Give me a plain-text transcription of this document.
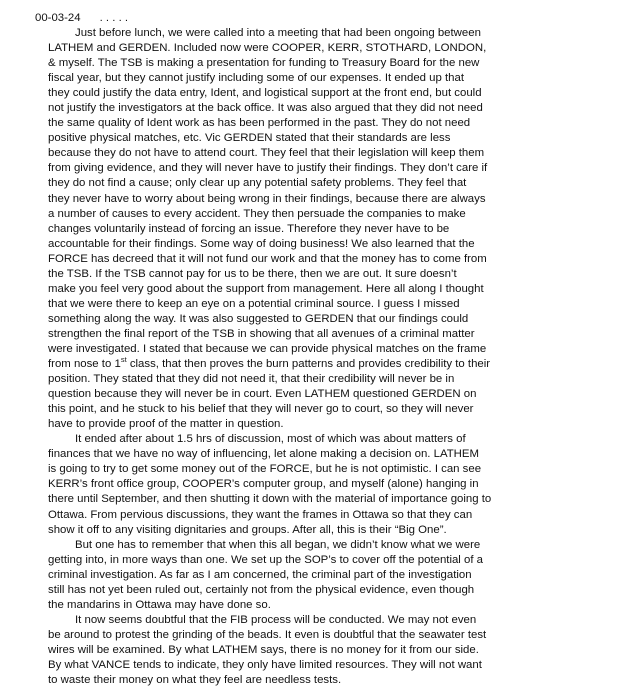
00-03-24      . . . . .
Just before lunch, we were called into a meeting that had been ongoing between
LATHEM and GERDEN. Included now were COOPER, KERR, STOTHARD, LONDON,
& myself. The TSB is making a presentation for funding to Treasury Board for the new
fiscal year, but they cannot justify including some of our expenses. It ended up that
they could justify the data entry, Ident, and logistical support at the front end, but could
not justify the investigators at the back office. It was also argued that they did not need
the same quality of Ident work as has been performed in the past. They do not need
positive physical matches, etc. Vic GERDEN stated that their standards are less
because they do not have to attend court. They feel that their legislation will keep them
from giving evidence, and they will never have to justify their findings. They don’t care if
they do not find a cause; only clear up any potential safety problems. They feel that
they never have to worry about being wrong in their findings, because there are always
a number of causes to every accident. They then persuade the companies to make
changes voluntarily instead of forcing an issue. Therefore they never have to be
accountable for their findings. Some way of doing business! We also learned that the
FORCE has decreed that it will not fund our work and that the money has to come from
the TSB. If the TSB cannot pay for us to be there, then we are out. It sure doesn’t
make you feel very good about the support from management. Here all along I thought
that we were there to keep an eye on a potential criminal source. I guess I missed
something along the way. It was also suggested to GERDEN that our findings could
strengthen the final report of the TSB in showing that all avenues of a criminal matter
were investigated. I stated that because we can provide physical matches on the frame
from nose to 1st class, that then proves the burn patterns and provides credibility to their
position. They stated that they did not need it, that their credibility will never be in
question because they will never be in court. Even LATHEM questioned GERDEN on
this point, and he stuck to his belief that they will never go to court, so they will never
have to provide proof of the matter in question.
It ended after about 1.5 hrs of discussion, most of which was about matters of
finances that we have no way of influencing, let alone making a decision on. LATHEM
is going to try to get some money out of the FORCE, but he is not optimistic. I can see
KERR’s front office group, COOPER’s computer group, and myself (alone) hanging in
there until September, and then shutting it down with the material of importance going to
Ottawa. From pervious discussions, they want the frames in Ottawa so that they can
show it off to any visiting dignitaries and groups. After all, this is their “Big One”.
But one has to remember that when this all began, we didn’t know what we were
getting into, in more ways than one. We set up the SOP’s to cover off the potential of a
criminal investigation. As far as I am concerned, the criminal part of the investigation
still has not yet been ruled out, certainly not from the physical evidence, even though
the mandarins in Ottawa may have done so.
It now seems doubtful that the FIB process will be conducted. We may not even
be around to protest the grinding of the beads. It even is doubtful that the seawater test
wires will be examined. By what LATHEM says, there is no money for it from our side.
By what VANCE tends to indicate, they only have limited resources. They will not want
to waste their money on what they feel are needless tests.
